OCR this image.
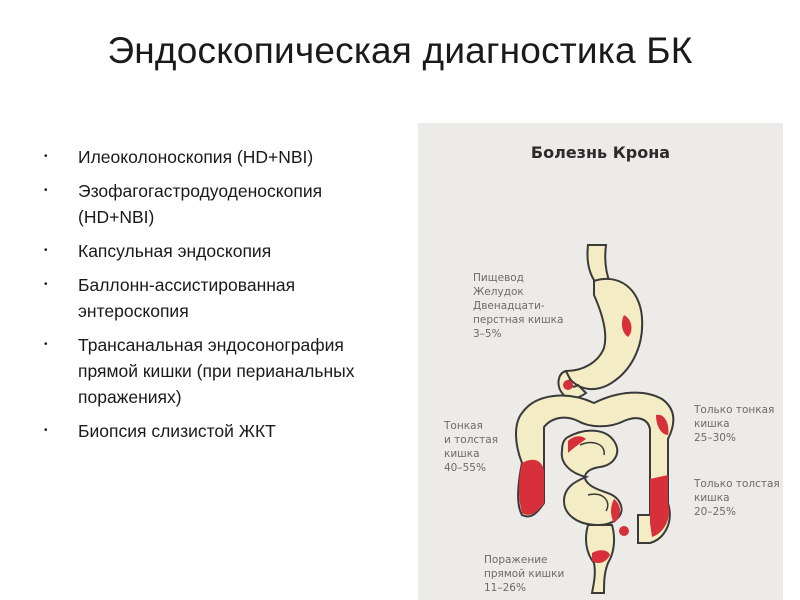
Эндоскопическая диагностика БК
• Илеоколоноскопия (HD+NBI)
• Эзофагогастродуоденоскопия (HD+NBI)
• Капсульная эндоскопия
• Баллонн-ассистированная энтероскопия
• Трансанальная эндосонография прямой кишки (при перианальных поражениях)
• Биопсия слизистой ЖКТ
Болезнь Крона
Пищевод
Желудок
Двенадцати-
перстная кишка
3–5%
Тонкая
и толстая
кишка
40–55%
Только тонкая
кишка
25–30%
Только толстая
кишка
20–25%
Поражение
прямой кишки
11–26%
